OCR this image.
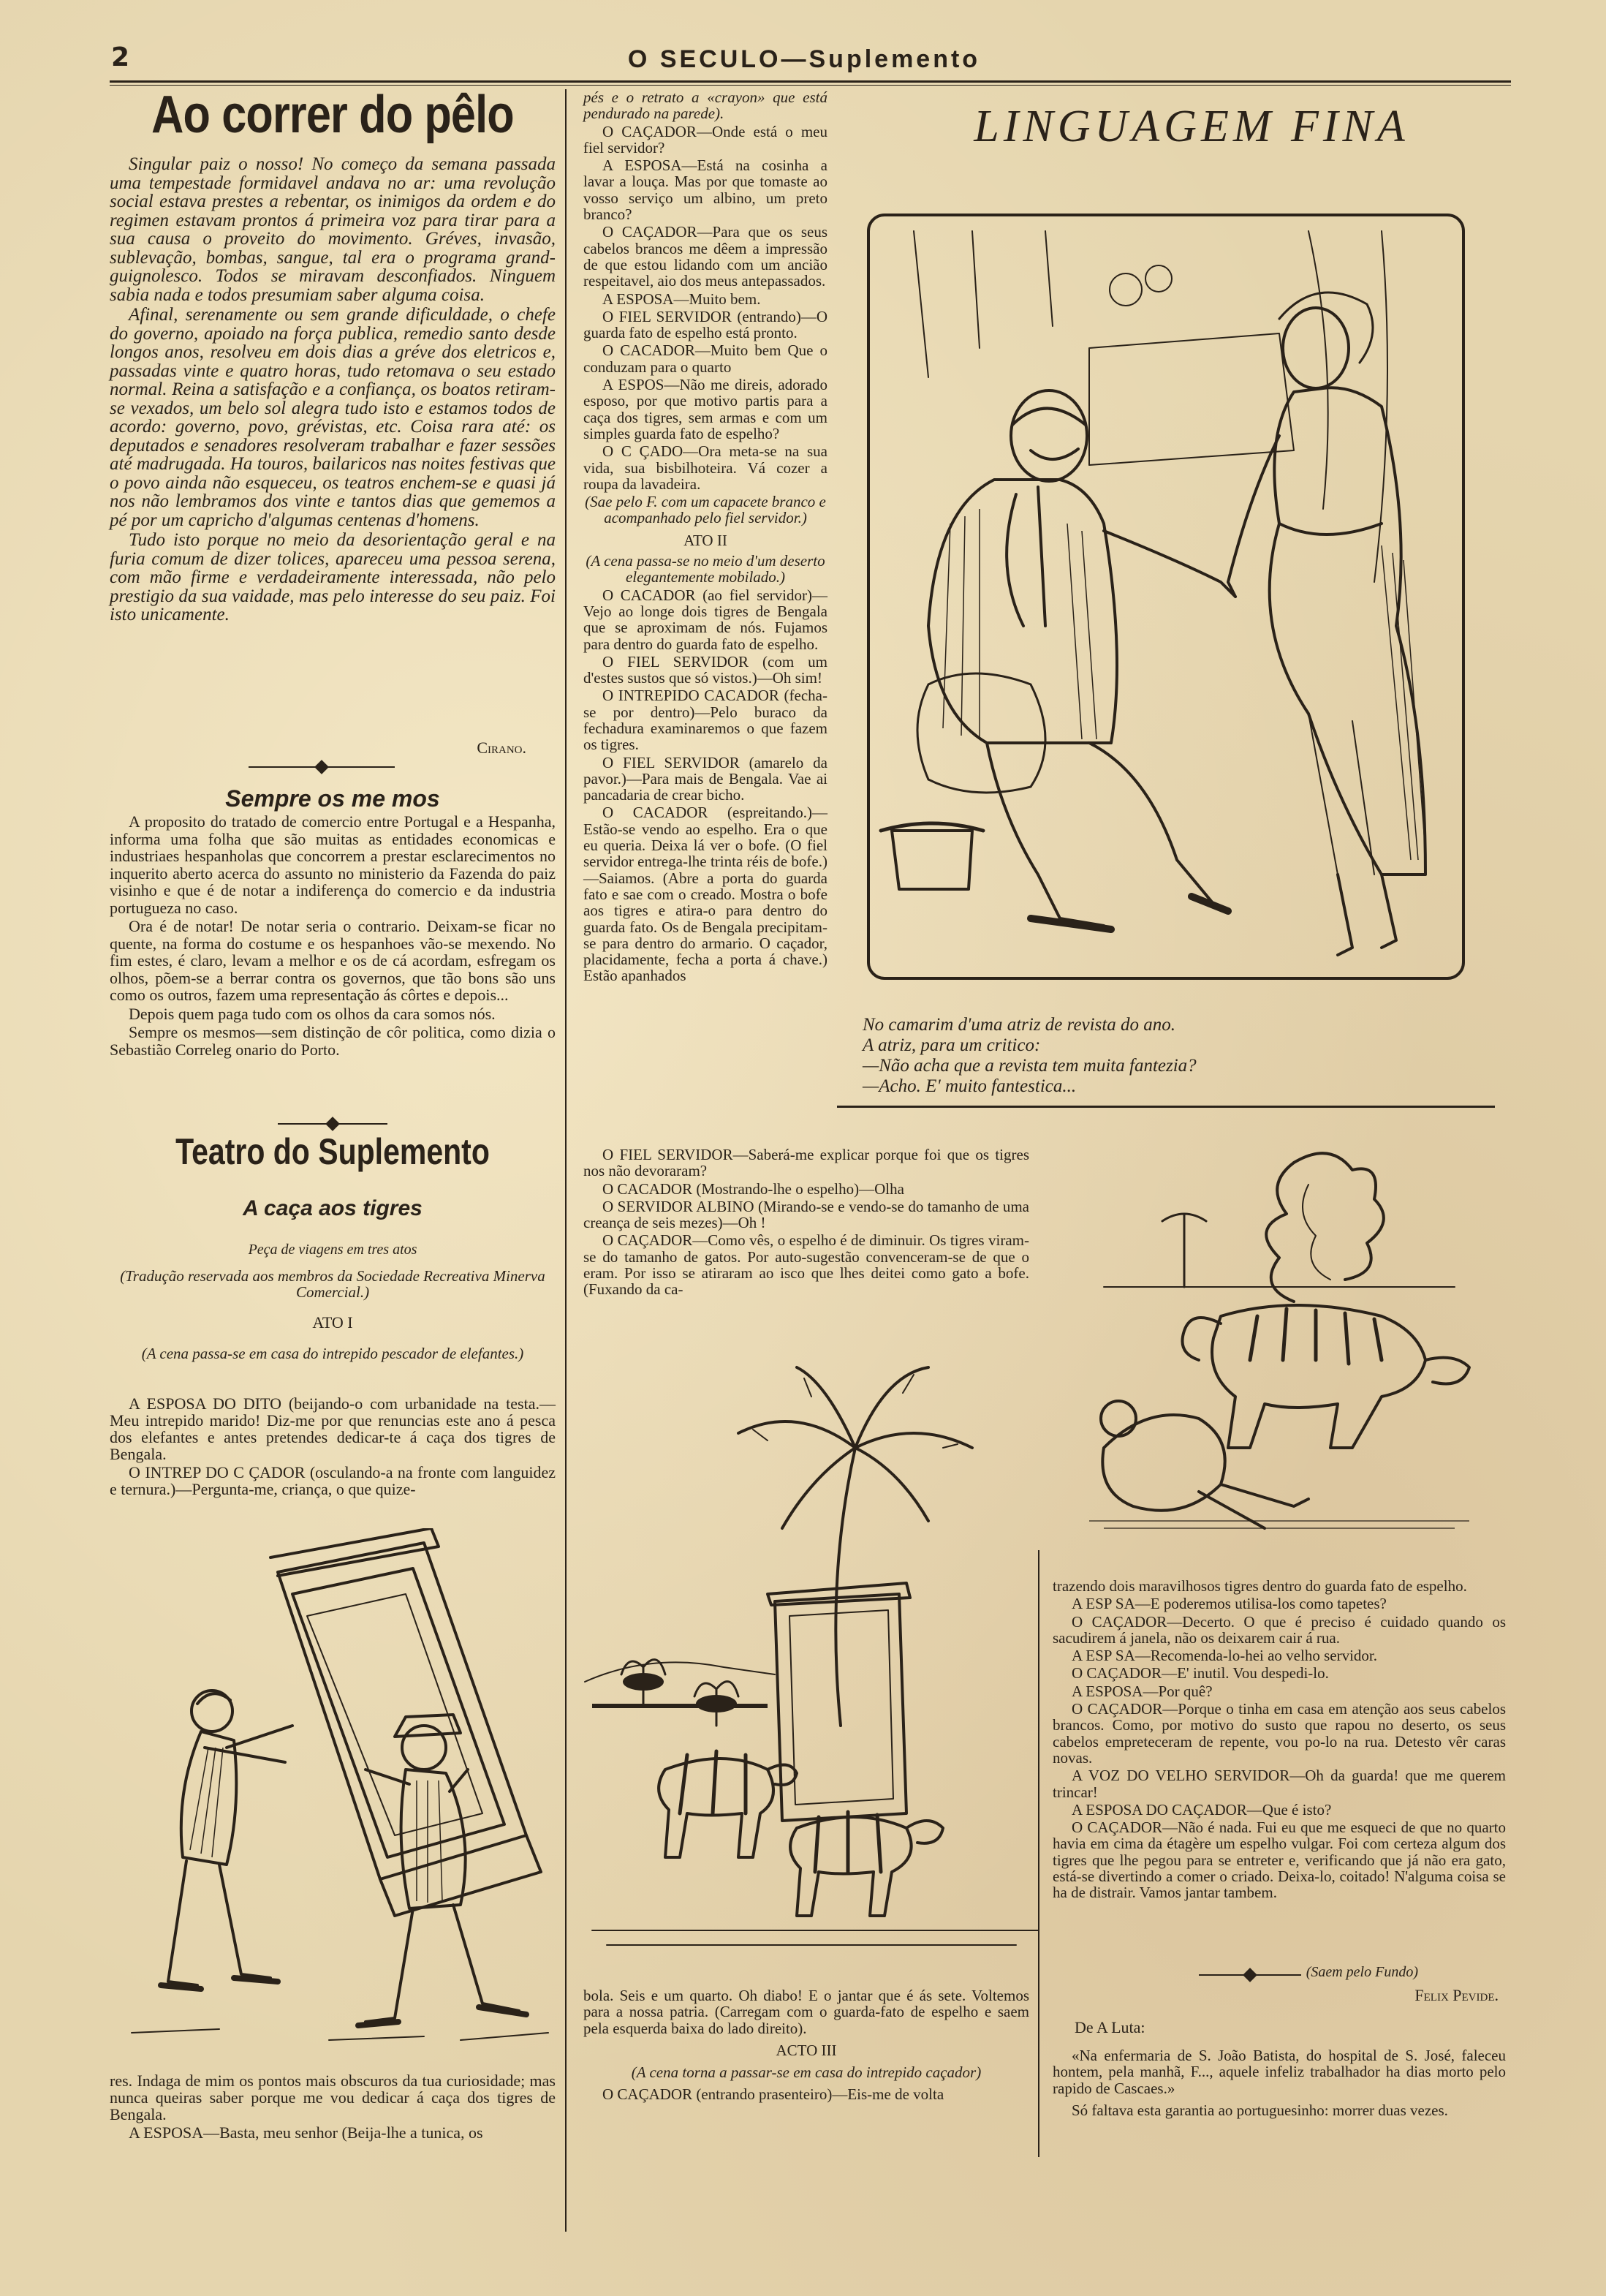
2	O SECULO—Suplemento
Ao correr do pêlo

Singular paiz o nosso! No começo da semana passada uma tempestade formidavel andava no ar: uma revolução social estava prestes a rebentar, os inimigos da ordem e do regimen estavam prontos á primeira voz para tirar para a sua causa o proveito do movimento. Gréves, invasão, sublevação, bombas, sangue, tal era o programa grand-guignolesco. Todos se miravam desconfiados. Ninguem sabia nada e todos presumiam saber alguma coisa.

Afinal, serenamente ou sem grande dificuldade, o chefe do governo, apoiado na força publica, remedio santo desde longos anos, resolveu em dois dias a gréve dos eletricos e, passadas vinte e quatro horas, tudo retomava o seu estado normal. Reina a satisfação e a confiança, os boatos retiram-se vexados, um belo sol alegra tudo isto e estamos todos de acordo: governo, povo, grévistas, etc. Coisa rara até: os deputados e senadores resolveram trabalhar e fazer sessões até madrugada. Ha touros, bailaricos nas noites festivas que o povo ainda não esqueceu, os teatros enchem-se e quasi já nos não lembramos dos vinte e tantos dias que gememos a pé por um capricho d'algumas centenas d'homens.

Tudo isto porque no meio da desorientação geral e na furia comum de dizer tolices, apareceu uma pessoa serena, com mão firme e verdadeiramente interessada, não pelo prestigio da sua vaidade, mas pelo interesse do seu paiz. Foi isto unicamente.

Cirano.
Sempre os me mos

A proposito do tratado de comercio entre Portugal e a Hespanha, informa uma folha que são muitas as entidades economicas e industriaes hespanholas que concorrem a prestar esclarecimentos no inquerito aberto acerca do assunto no ministerio da Fazenda do paiz visinho e que é de notar a indiferença do comercio e da industria portugueza no caso.

Ora é de notar! De notar seria o contrario. Deixam-se ficar no quente, na forma do costume e os hespanhoes vão-se mexendo. No fim estes, é claro, levam a melhor e os de cá acordam, esfregam os olhos, põem-se a berrar contra os governos, que tão bons são uns como os outros, fazem uma representação ás côrtes e depois...

Depois quem paga tudo com os olhos da cara somos nós.

Sempre os mesmos—sem distinção de côr politica, como dizia o Sebastião Correleg onario do Porto.

Teatro do Suplemento
A caça aos tigres
Peça de viagens em tres atos
(Tradução reservada aos membros da Sociedade Recreativa Minerva Comercial.)
ATO I
(A cena passa-se em casa do intrepido pescador de elefantes.)

A ESPOSA DO DITO (beijando-o com urbanidade na testa.—Meu intrepido marido! Diz-me por que renuncias este ano á pesca dos elefantes e antes pretendes dedicar-te á caça dos tigres de Bengala.

O INTREP DO C ÇADOR (osculando-a na fronte com languidez e ternura.)—Pergunta-me, criança, o que quize-

res. Indaga de mim os pontos mais obscuros da tua curiosidade; mas nunca queiras saber porque me vou dedicar á caça dos tigres de Bengala.

A ESPOSA—Basta, meu senhor (Beija-lhe a tunica, os

pés e o retrato a «crayon» que está pendurado na parede).

O CAÇADOR—Onde está o meu fiel servidor?

A ESPOSA—Está na cosinha a lavar a louça. Mas por que tomaste ao vosso serviço um albino, um preto branco?

O CAÇADOR—Para que os seus cabelos brancos me dêem a impressão de que estou lidando com um ancião respeitavel, aio dos meus antepassados.

A ESPOSA—Muito bem.

O FIEL SERVIDOR (entrando)—O guarda fato de espelho está pronto.

O CACADOR—Muito bem Que o conduzam para o quarto

A ESPOS—Não me direis, adorado esposo, por que motivo partis para a caça dos tigres, sem armas e com um simples guarda fato de espelho?

O C ÇADO—Ora meta-se na sua vida, sua bisbilhoteira. Vá cozer a roupa da lavadeira.

(Sae pelo F. com um capacete branco e acompanhado pelo fiel servidor.)

ATO II

(A cena passa-se no meio d'um deserto elegantemente mobilado.)

O CACADOR (ao fiel servidor)—Vejo ao longe dois tigres de Bengala que se aproximam de nós. Fujamos para dentro do guarda fato de espelho.

O FIEL SERVIDOR (com um d'estes sustos que só vistos.)—Oh sim!

O INTREPIDO CACADOR (fecha-se por dentro)—Pelo buraco da fechadura examinaremos o que fazem os tigres.

O FIEL SERVIDOR (amarelo da pavor.)—Para mais de Bengala. Vae ai pancadaria de crear bicho.

O CACADOR (espreitando.)—Estão-se vendo ao espelho. Era o que eu queria. Deixa lá ver o bofe. (O fiel servidor entrega-lhe trinta réis de bofe.)—Saiamos. (Abre a porta do guarda fato e sae com o creado. Mostra o bofe aos tigres e atira-o para dentro do guarda fato. Os de Bengala precipitam-se para dentro do armario. O caçador, placidamente, fecha a porta á chave.) Estão apanhados

O FIEL SERVIDOR—Saberá-me explicar porque foi que os tigres nos não devoraram?

O CACADOR (Mostrando-lhe o espelho)—Olha

O SERVIDOR ALBINO (Mirando-se e vendo-se do tamanho de uma creança de seis mezes)—Oh !

O CAÇADOR—Como vês, o espelho é de diminuir. Os tigres viram-se do tamanho de gatos. Por auto-sugestão convenceram-se de que o eram. Por isso se atiraram ao isco que lhes deitei como gato a bofe. (Fuxando da ca-

bola. Seis e um quarto. Oh diabo! E o jantar que é ás sete. Voltemos para a nossa patria. (Carregam com o guarda-fato de espelho e saem pela esquerda baixa do lado direito).

ACTO III

(A cena torna a passar-se em casa do intrepido caçador)

O CAÇADOR (entrando prasenteiro)—Eis-me de volta

LINGUAGEM FINA
No camarim d'uma atriz de revista do ano.
A atriz, para um critico:
—Não acha que a revista tem muita fantezia?
—Acho. E' muito fantestica...

trazendo dois maravilhosos tigres dentro do guarda fato de espelho.

A ESP SA—E poderemos utilisa-los como tapetes?

O CAÇADOR—Decerto. O que é preciso é cuidado quando os sacudirem á janela, não os deixarem cair á rua.

A ESP SA—Recomenda-lo-hei ao velho servidor.

O CAÇADOR—E' inutil. Vou despedi-lo.

A ESPOSA—Por quê?

O CAÇADOR—Porque o tinha em casa em atenção aos seus cabelos brancos. Como, por motivo do susto que rapou no deserto, os seus cabelos empreteceram de repente, vou po-lo na rua. Detesto vêr caras novas.

A VOZ DO VELHO SERVIDOR—Oh da guarda! que me querem trincar!

A ESPOSA DO CAÇADOR—Que é isto?

O CAÇADOR—Não é nada. Fui eu que me esqueci de que no quarto havia em cima da étagère um espelho vulgar. Foi com certeza algum dos tigres que lhe pegou para se entreter e, verificando que já não era gato, está-se divertindo a comer o criado. Deixa-lo, coitado! N'alguma coisa se ha de distrair. Vamos jantar tambem.

(Saem pelo Fundo)
Felix Pevide.
De A Luta:

«Na enfermaria de S. João Batista, do hospital de S. José, faleceu hontem, pela manhã, F..., aquele infeliz trabalhador ha dias morto pelo rapido de Cascaes.»

Só faltava esta garantia ao portuguesinho: morrer duas vezes.
